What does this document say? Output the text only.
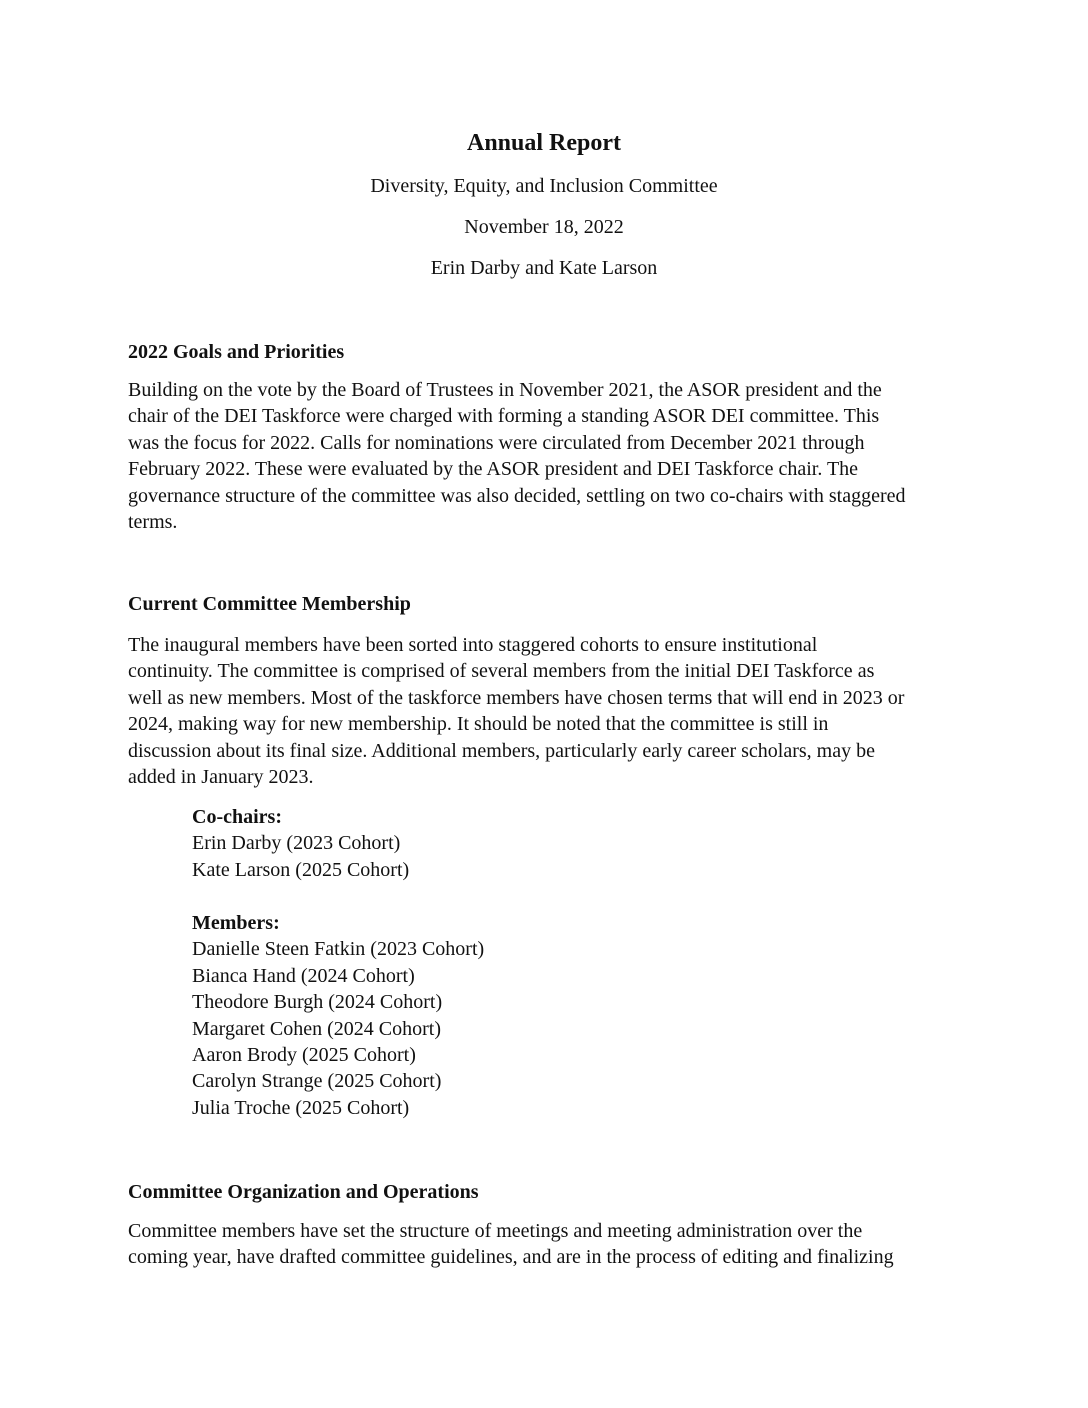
Annual Report
Diversity, Equity, and Inclusion Committee
November 18, 2022
Erin Darby and Kate Larson
2022 Goals and Priorities
Building on the vote by the Board of Trustees in November 2021, the ASOR president and the
chair of the DEI Taskforce were charged with forming a standing ASOR DEI committee. This
was the focus for 2022. Calls for nominations were circulated from December 2021 through
February 2022. These were evaluated by the ASOR president and DEI Taskforce chair. The
governance structure of the committee was also decided, settling on two co-chairs with staggered
terms.
Current Committee Membership
The inaugural members have been sorted into staggered cohorts to ensure institutional
continuity. The committee is comprised of several members from the initial DEI Taskforce as
well as new members. Most of the taskforce members have chosen terms that will end in 2023 or
2024, making way for new membership. It should be noted that the committee is still in
discussion about its final size. Additional members, particularly early career scholars, may be
added in January 2023.
Co-chairs:
Erin Darby (2023 Cohort)
Kate Larson (2025 Cohort)
Members:
Danielle Steen Fatkin (2023 Cohort)
Bianca Hand (2024 Cohort)
Theodore Burgh (2024 Cohort)
Margaret Cohen (2024 Cohort)
Aaron Brody (2025 Cohort)
Carolyn Strange (2025 Cohort)
Julia Troche (2025 Cohort)
Committee Organization and Operations
Committee members have set the structure of meetings and meeting administration over the
coming year, have drafted committee guidelines, and are in the process of editing and finalizing
